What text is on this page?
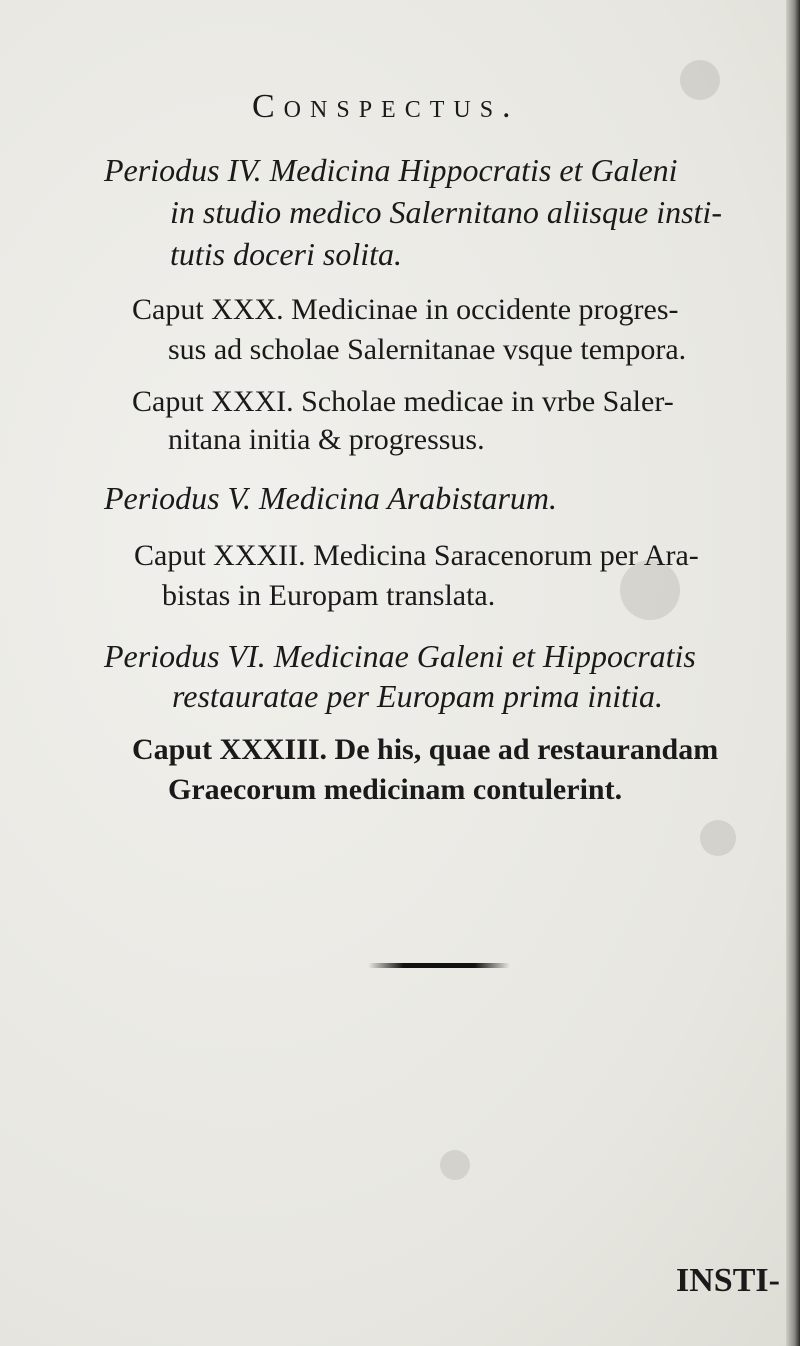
Conspectus.
Periodus IV. Medicina Hippocratis et Galeni
in studio medico Salernitano aliisque insti-
tutis doceri solita.
Caput XXX. Medicinae in occidente progres-
sus ad scholae Salernitanae vsque tempora.
Caput XXXI. Scholae medicae in vrbe Saler-
nitana initia & progressus.
Periodus V. Medicina Arabistarum.
Caput XXXII. Medicina Saracenorum per Ara-
bistas in Europam translata.
Periodus VI. Medicinae Galeni et Hippocratis
restauratae per Europam prima initia.
Caput XXXIII. De his, quae ad restaurandam
Graecorum medicinam contulerint.
INSTI-
